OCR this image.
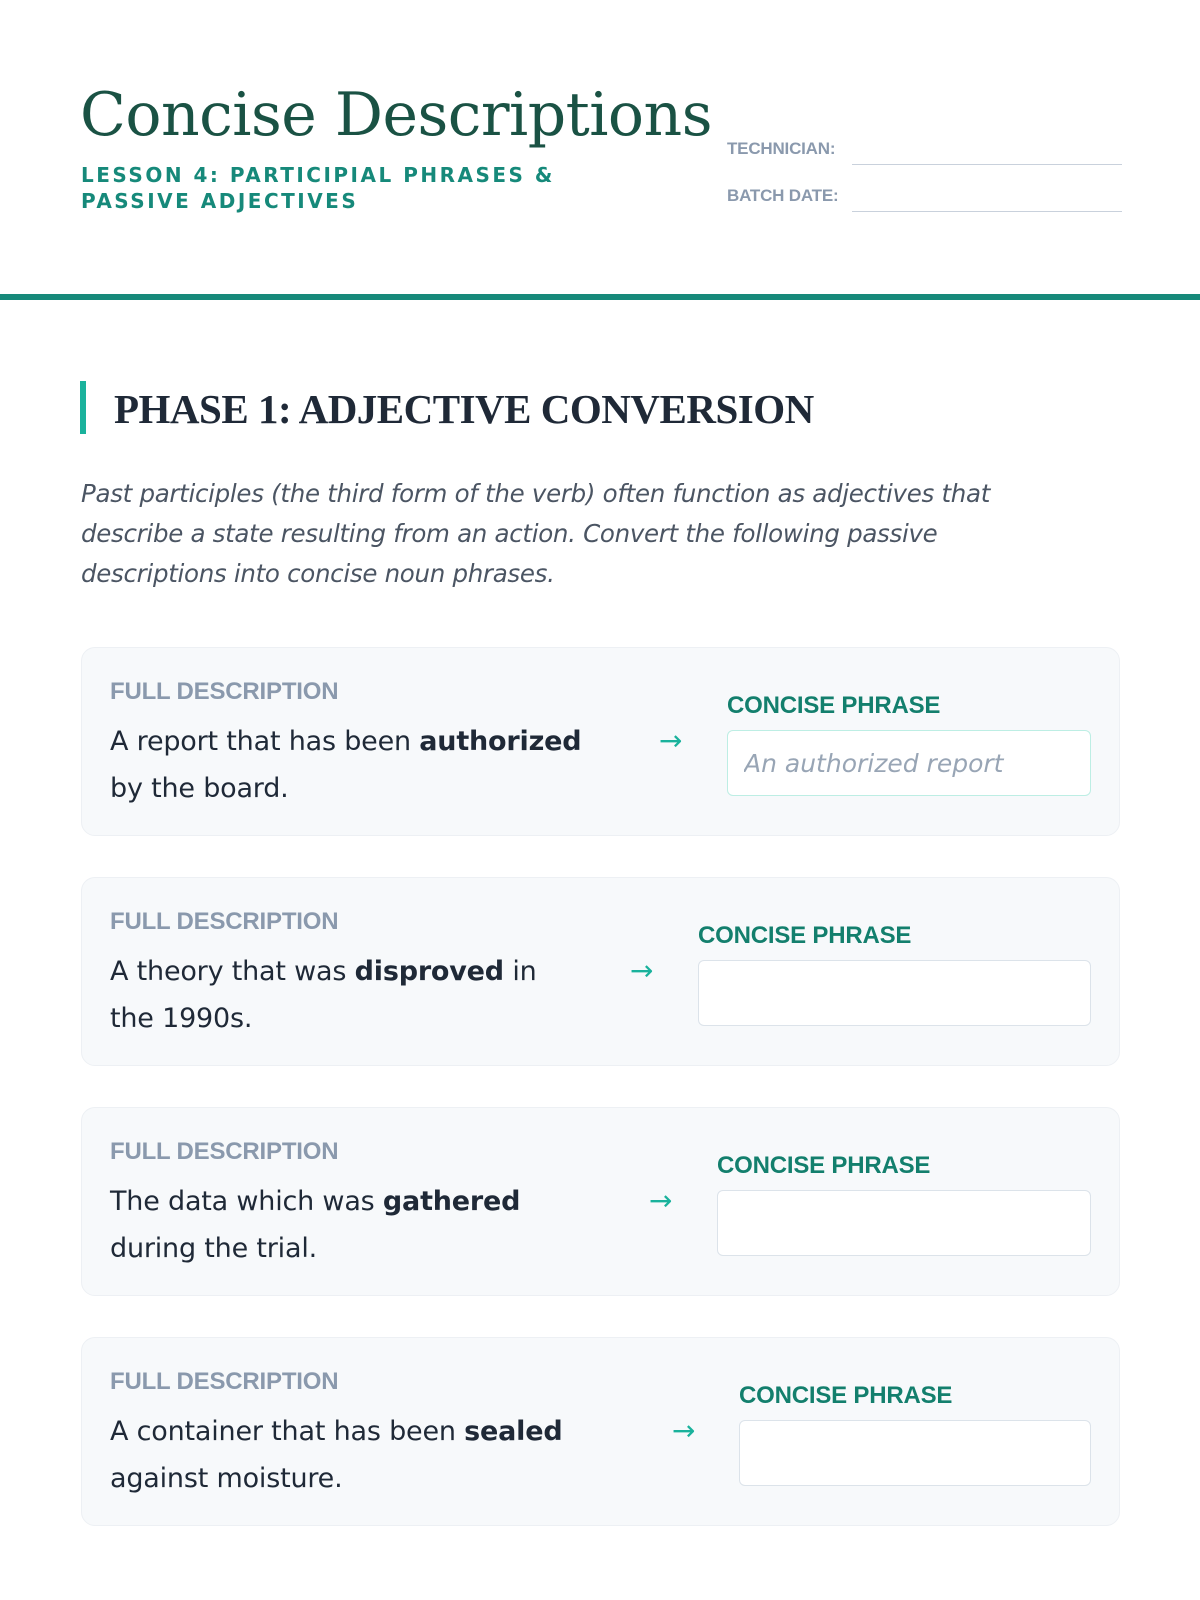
Concise Descriptions
LESSON 4: PARTICIPIAL PHRASES & PASSIVE ADJECTIVES
TECHNICIAN:
BATCH DATE:
PHASE 1: ADJECTIVE CONVERSION

Past participles (the third form of the verb) often function as adjectives that describe a state resulting from an action. Convert the following passive descriptions into concise noun phrases.

FULL DESCRIPTION
A report that has been authorized
by the board.
→
CONCISE PHRASE
An authorized report
FULL DESCRIPTION
A theory that was disproved in
the 1990s.
→
CONCISE PHRASE
FULL DESCRIPTION
The data which was gathered
during the trial.
→
CONCISE PHRASE
FULL DESCRIPTION
A container that has been sealed
against moisture.
→
CONCISE PHRASE
